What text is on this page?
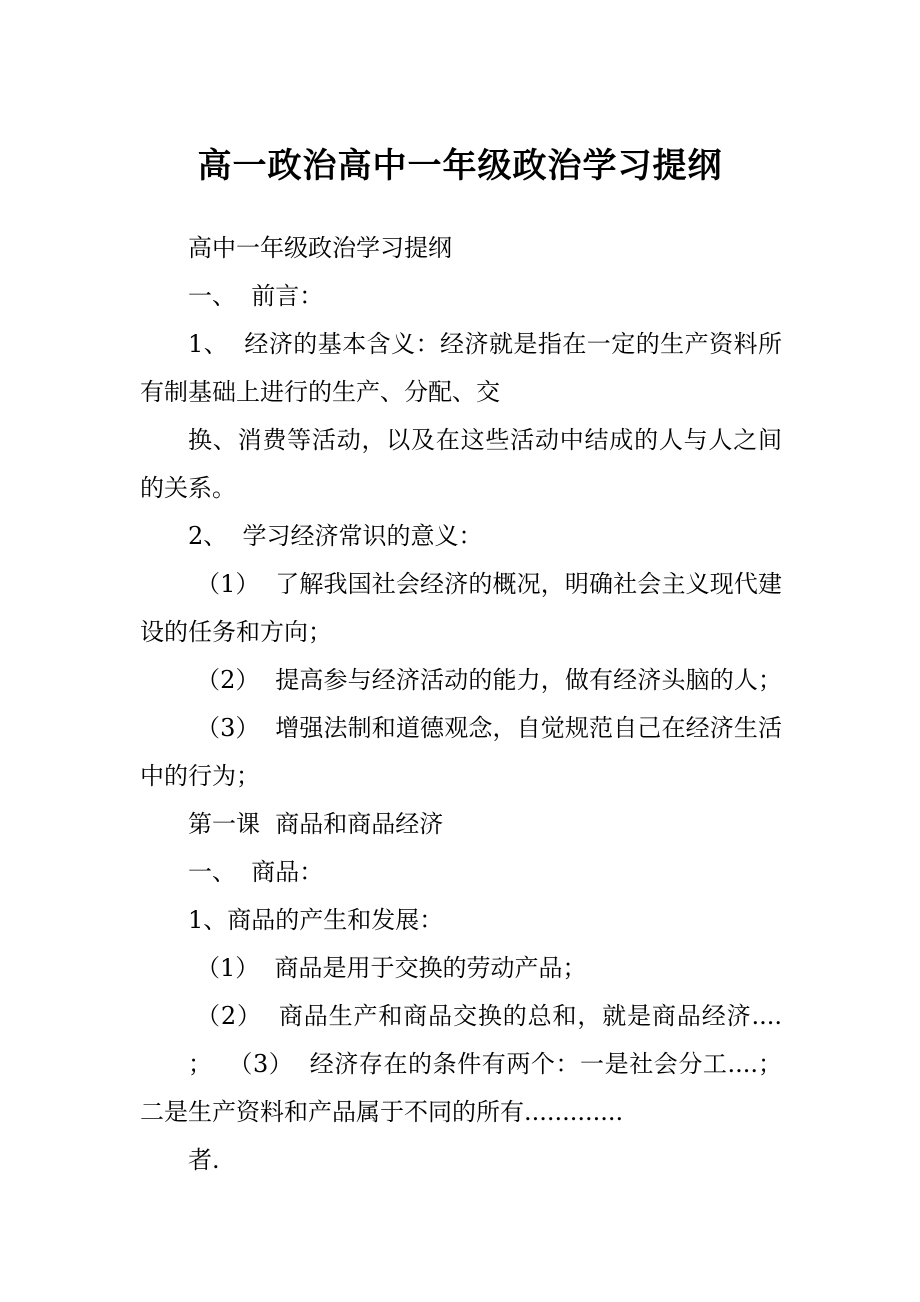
高一政治高中一年级政治学习提纲
高中一年级政治学习提纲
一、  前言：
1、  经济的基本含义：经济就是指在一定的生产资料所
有制基础上进行的生产、分配、交
换、消费等活动，以及在这些活动中结成的人与人之间
的关系。
2、  学习经济常识的意义：
（1）  了解我国社会经济的概况，明确社会主义现代建
设的任务和方向；
（2）  提高参与经济活动的能力，做有经济头脑的人；
（3）  增强法制和道德观念，自觉规范自己在经济生活
中的行为；
第一课  商品和商品经济
一、  商品：
1、商品的产生和发展：
（1）  商品是用于交换的劳动产品；
（2）  商品生产和商品交换的总和，就是商品经济....
；  （3）  经济存在的条件有两个：一是社会分工....；
二是生产资料和产品属于不同的所有.............
者.
